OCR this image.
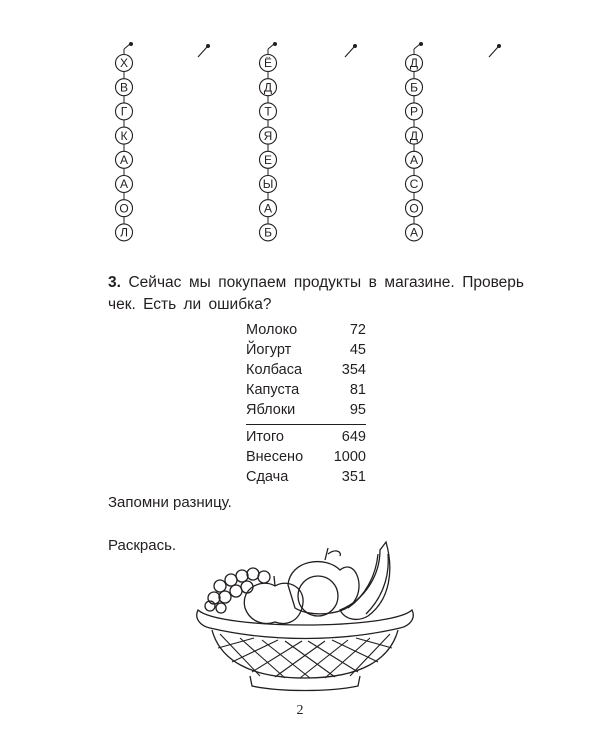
Х
В
Г
К
А
А
О
Л
Ё
Д
Т
Я
Е
Ы
А
Б
Д
Б
Р
Д
А
С
О
А
3. Сейчас мы покупаем продукты в магазине. Проверь чек. Есть ли ошибка?
Молоко	72
Йогурт	45
Колбаса	354
Капуста	81
Яблоки	95
Итого	649
Внесено 1000
Сдача	351
Запомни разницу.
Раскрась.
2
